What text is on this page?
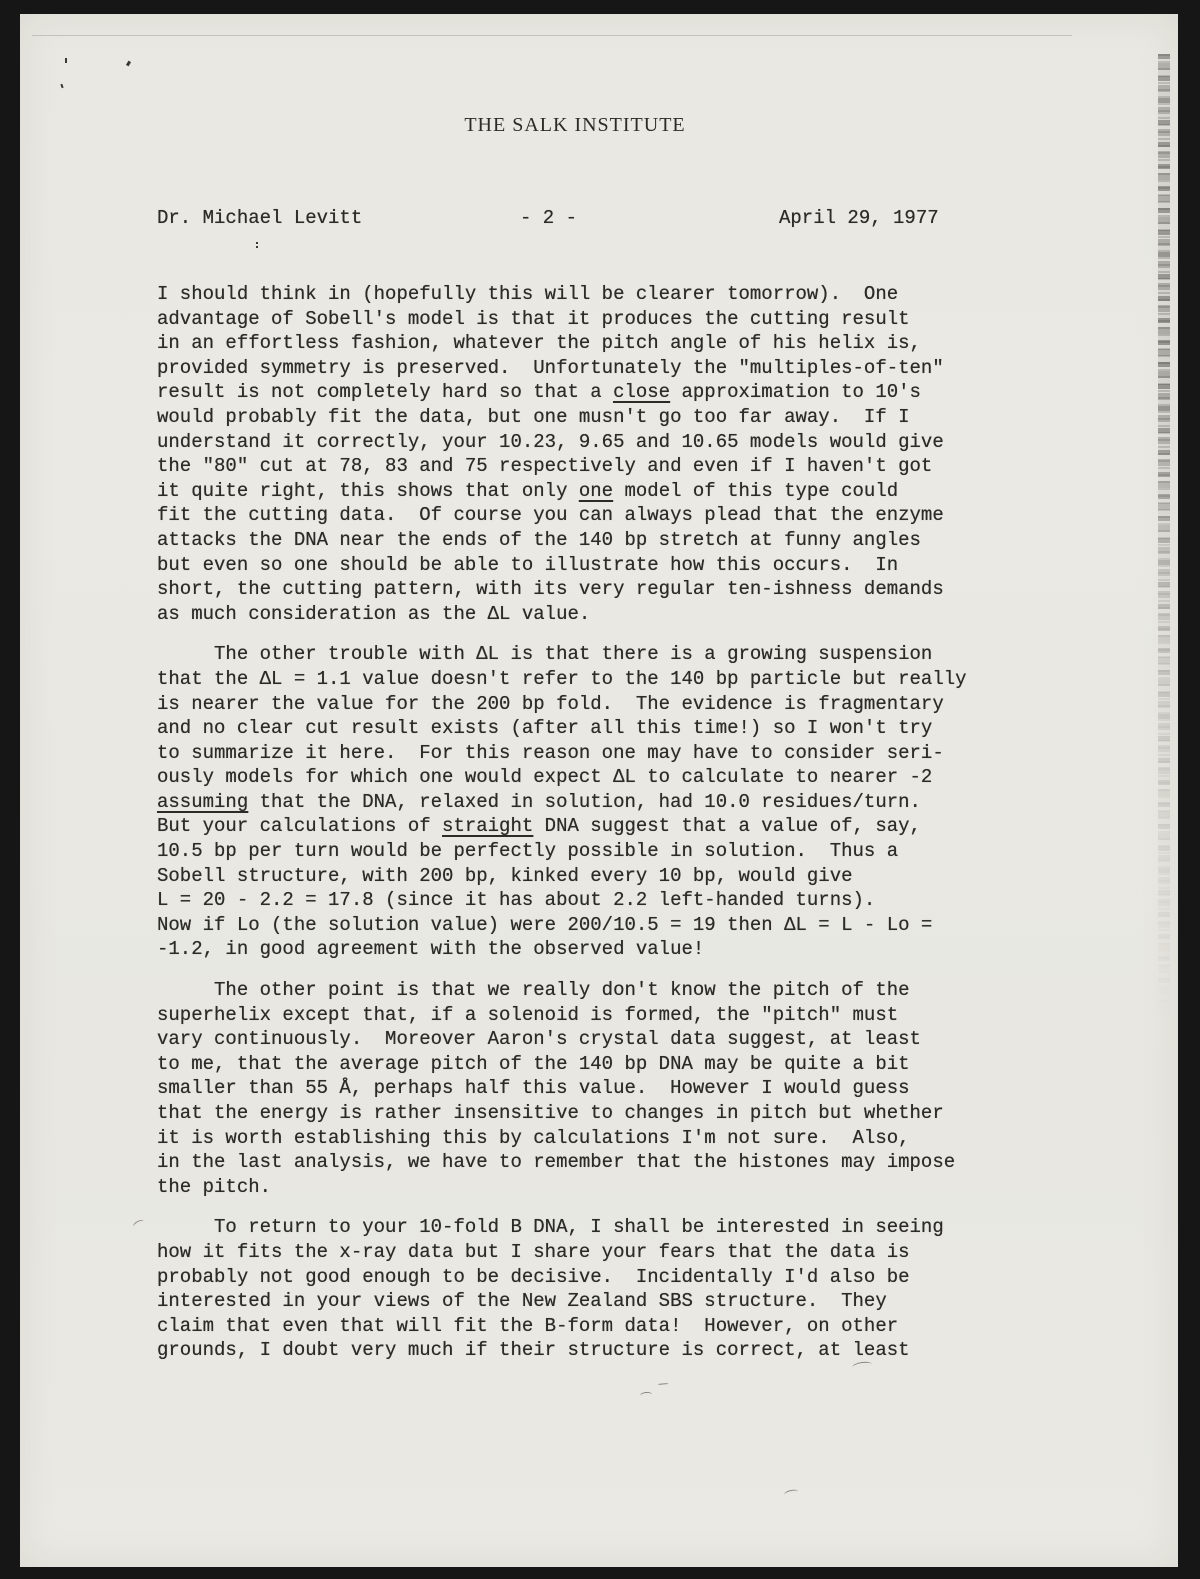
THE SALK INSTITUTE
Dr. Michael Levitt	- 2 -	April 29, 1977
I should think in (hopefully this will be clearer tomorrow).  One
advantage of Sobell's model is that it produces the cutting result
in an effortless fashion, whatever the pitch angle of his helix is,
provided symmetry is preserved.  Unfortunately the "multiples-of-ten"
result is not completely hard so that a close approximation to 10's
would probably fit the data, but one musn't go too far away.  If I
understand it correctly, your 10.23, 9.65 and 10.65 models would give
the "80" cut at 78, 83 and 75 respectively and even if I haven't got
it quite right, this shows that only one model of this type could
fit the cutting data.  Of course you can always plead that the enzyme
attacks the DNA near the ends of the 140 bp stretch at funny angles
but even so one should be able to illustrate how this occurs.  In
short, the cutting pattern, with its very regular ten-ishness demands
as much consideration as the ΔL value.
The other trouble with ΔL is that there is a growing suspension
that the ΔL = 1.1 value doesn't refer to the 140 bp particle but really
is nearer the value for the 200 bp fold.  The evidence is fragmentary
and no clear cut result exists (after all this time!) so I won't try
to summarize it here.  For this reason one may have to consider seri-
ously models for which one would expect ΔL to calculate to nearer -2
assuming that the DNA, relaxed in solution, had 10.0 residues/turn.
But your calculations of straight DNA suggest that a value of, say,
10.5 bp per turn would be perfectly possible in solution.  Thus a
Sobell structure, with 200 bp, kinked every 10 bp, would give
L = 20 - 2.2 = 17.8 (since it has about 2.2 left-handed turns).
Now if Lo (the solution value) were 200/10.5 = 19 then ΔL = L - Lo =
-1.2, in good agreement with the observed value!
The other point is that we really don't know the pitch of the
superhelix except that, if a solenoid is formed, the "pitch" must
vary continuously.  Moreover Aaron's crystal data suggest, at least
to me, that the average pitch of the 140 bp DNA may be quite a bit
smaller than 55 Å, perhaps half this value.  However I would guess
that the energy is rather insensitive to changes in pitch but whether
it is worth establishing this by calculations I'm not sure.  Also,
in the last analysis, we have to remember that the histones may impose
the pitch.
To return to your 10-fold B DNA, I shall be interested in seeing
how it fits the x-ray data but I share your fears that the data is
probably not good enough to be decisive.  Incidentally I'd also be
interested in your views of the New Zealand SBS structure.  They
claim that even that will fit the B-form data!  However, on other
grounds, I doubt very much if their structure is correct, at least
